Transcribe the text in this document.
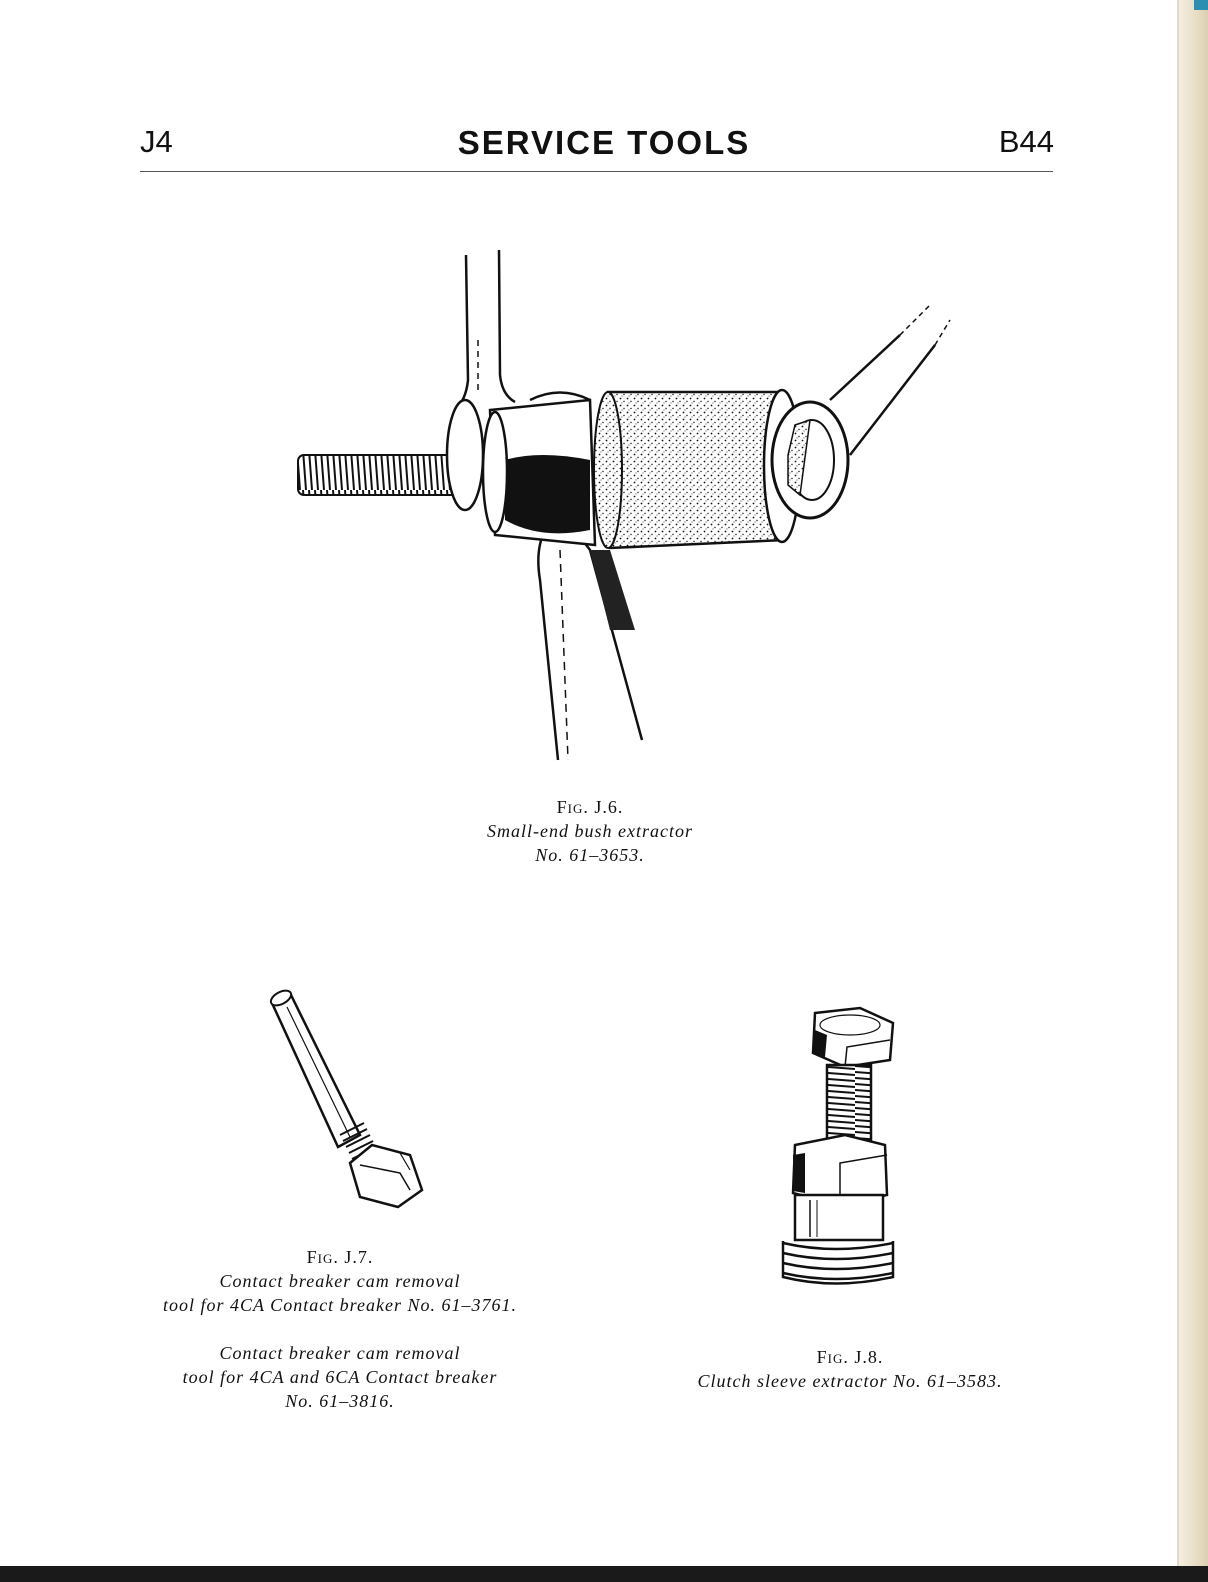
J4	SERVICE TOOLS	B44
Fig. J.6.
Small-end bush extractor
No. 61–3653.
Fig. J.7.
Contact breaker cam removal
tool for 4CA Contact breaker No. 61–3761.
Contact breaker cam removal
tool for 4CA and 6CA Contact breaker
No. 61–3816.
Fig. J.8.
Clutch sleeve extractor No. 61–3583.
